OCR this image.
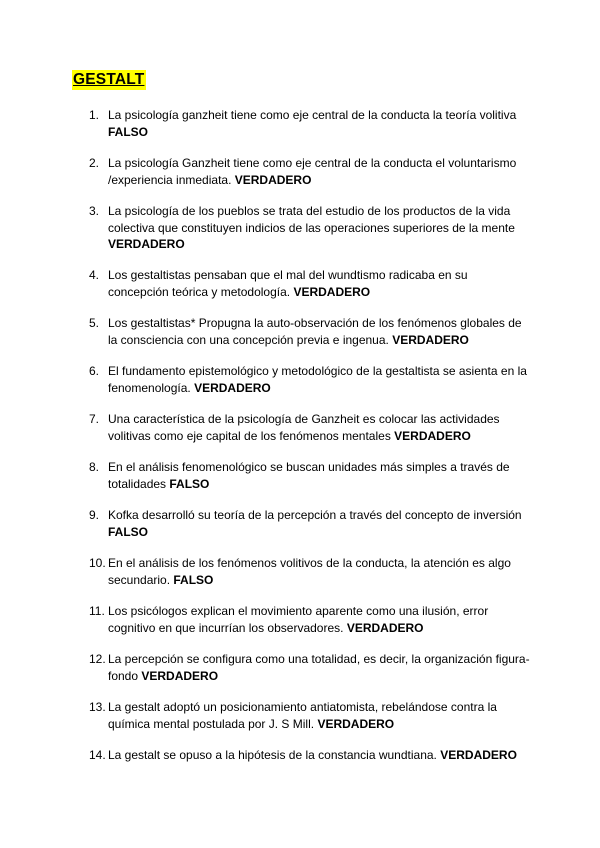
GESTALT
1. La psicología ganzheit tiene como eje central de la conducta la teoría volitiva
FALSO
2. La psicología Ganzheit tiene como eje central de la conducta el voluntarismo /experiencia inmediata. VERDADERO
3. La psicología de los pueblos se trata del estudio de los productos de la vida colectiva que constituyen indicios de las operaciones superiores de la mente
VERDADERO
4. Los gestaltistas pensaban que el mal del wundtismo radicaba en su concepción teórica y metodología. VERDADERO
5. Los gestaltistas* Propugna la auto-observación de los fenómenos globales de la consciencia con una concepción previa e ingenua. VERDADERO
6. El fundamento epistemológico y metodológico de la gestaltista se asienta en la fenomenología. VERDADERO
7. Una característica de la psicología de Ganzheit es colocar las actividades volitivas como eje capital de los fenómenos mentales VERDADERO
8. En el análisis fenomenológico se buscan unidades más simples a través de totalidades FALSO
9. Kofka desarrolló su teoría de la percepción a través del concepto de inversión
FALSO
10. En el análisis de los fenómenos volitivos de la conducta, la atención es algo secundario. FALSO
11. Los psicólogos explican el movimiento aparente como una ilusión, error cognitivo en que incurrían los observadores. VERDADERO
12. La percepción se configura como una totalidad, es decir, la organización figura-fondo VERDADERO
13. La gestalt adoptó un posicionamiento antiatomista, rebelándose contra la química mental postulada por J. S Mill. VERDADERO
14. La gestalt se opuso a la hipótesis de la constancia wundtiana. VERDADERO
